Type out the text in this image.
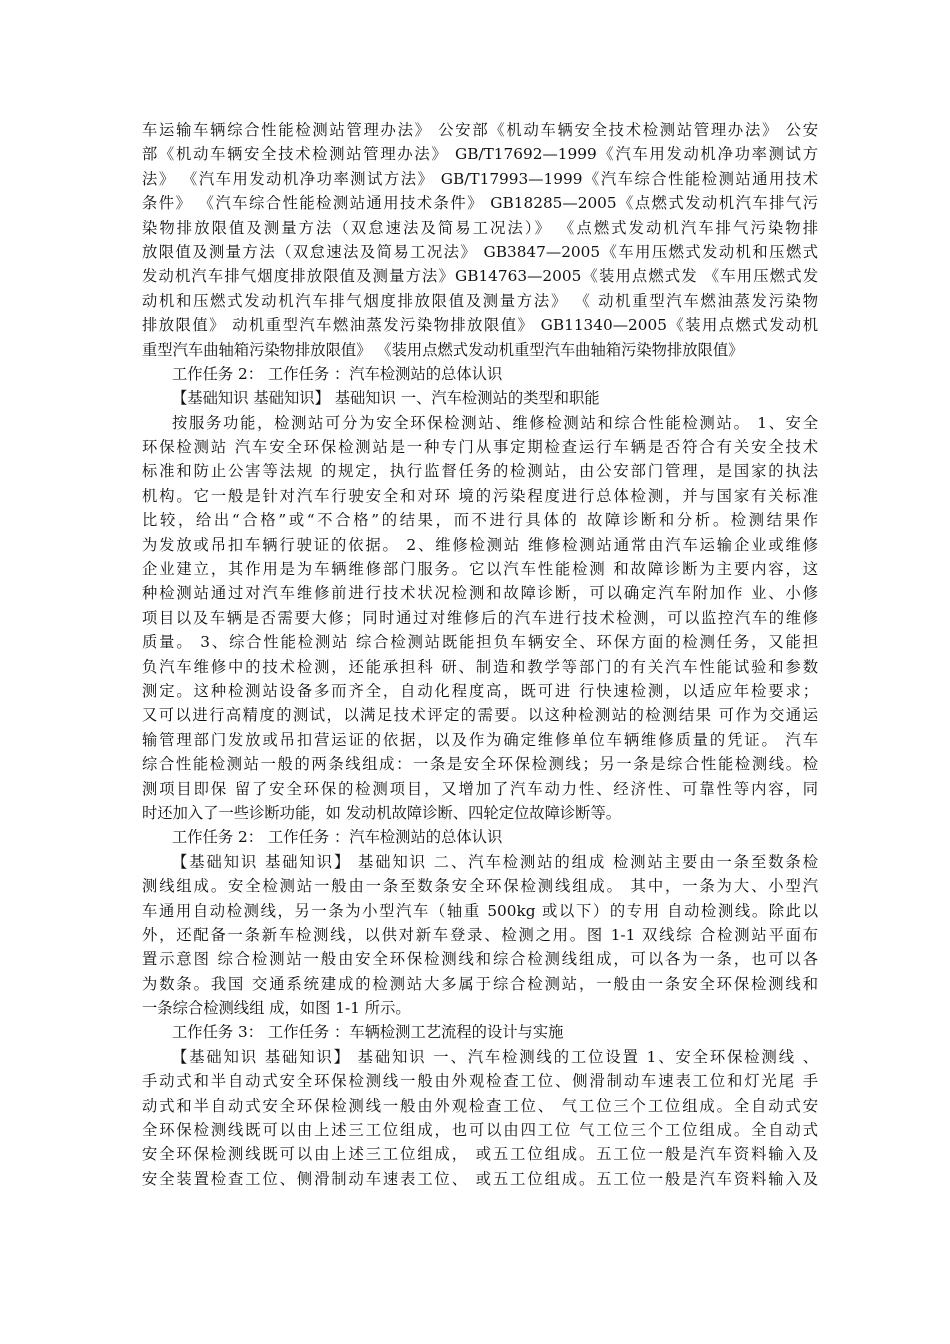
车运输车辆综合性能检测站管理办法》 公安部《机动车辆安全技术检测站管理办法》 公安
部《机动车辆安全技术检测站管理办法》 GB/T17692—1999《汽车用发动机净功率测试方
法》 《汽车用发动机净功率测试方法》 GB/T17993—1999《汽车综合性能检测站通用技术
条件》 《汽车综合性能检测站通用技术条件》 GB18285—2005《点燃式发动机汽车排气污
染物排放限值及测量方法（双怠速法及简易工况法）》 《点燃式发动机汽车排气污染物排
放限值及测量方法（双怠速法及简易工况法》 GB3847—2005《车用压燃式发动机和压燃式
发动机汽车排气烟度排放限值及测量方法》GB14763—2005《装用点燃式发 《车用压燃式发
动机和压燃式发动机汽车排气烟度排放限值及测量方法》 《 动机重型汽车燃油蒸发污染物
排放限值》 动机重型汽车燃油蒸发污染物排放限值》 GB11340—2005《装用点燃式发动机
重型汽车曲轴箱污染物排放限值》 《装用点燃式发动机重型汽车曲轴箱污染物排放限值》
工作任务 2： 工作任务 ：汽车检测站的总体认识
【基础知识 基础知识】 基础知识 一、汽车检测站的类型和职能
按服务功能，检测站可分为安全环保检测站、维修检测站和综合性能检测站。 1、安全
环保检测站 汽车安全环保检测站是一种专门从事定期检查运行车辆是否符合有关安全技术
标准和防止公害等法规 的规定，执行监督任务的检测站，由公安部门管理，是国家的执法
机构。它一般是针对汽车行驶安全和对环 境的污染程度进行总体检测，并与国家有关标准
比较，给出“合格”或“不合格”的结果，而不进行具体的 故障诊断和分析。检测结果作
为发放或吊扣车辆行驶证的依据。 2、维修检测站 维修检测站通常由汽车运输企业或维修
企业建立，其作用是为车辆维修部门服务。它以汽车性能检测 和故障诊断为主要内容，这
种检测站通过对汽车维修前进行技术状况检测和故障诊断，可以确定汽车附加作 业、小修
项目以及车辆是否需要大修；同时通过对维修后的汽车进行技术检测，可以监控汽车的维修
质量。 3、综合性能检测站 综合检测站既能担负车辆安全、环保方面的检测任务，又能担
负汽车维修中的技术检测，还能承担科 研、制造和教学等部门的有关汽车性能试验和参数
测定。这种检测站设备多而齐全，自动化程度高，既可进 行快速检测，以适应年检要求；
又可以进行高精度的测试，以满足技术评定的需要。以这种检测站的检测结果 可作为交通运
输管理部门发放或吊扣营运证的依据，以及作为确定维修单位车辆维修质量的凭证。 汽车
综合性能检测站一般的两条线组成：一条是安全环保检测线；另一条是综合性能检测线。检
测项目即保 留了安全环保的检测项目，又增加了汽车动力性、经济性、可靠性等内容，同
时还加入了一些诊断功能，如 发动机故障诊断、四轮定位故障诊断等。
工作任务 2： 工作任务 ：汽车检测站的总体认识
【基础知识 基础知识】 基础知识 二、汽车检测站的组成 检测站主要由一条至数条检
测线组成。安全检测站一般由一条至数条安全环保检测线组成。 其中，一条为大、小型汽
车通用自动检测线，另一条为小型汽车（轴重 500kg 或以下）的专用 自动检测线。除此以
外，还配备一条新车检测线，以供对新车登录、检测之用。图 1-1 双线综 合检测站平面布
置示意图 综合检测站一般由安全环保检测线和综合检测线组成，可以各为一条，也可以各
为数条。我国 交通系统建成的检测站大多属于综合检测站，一般由一条安全环保检测线和
一条综合检测线组 成，如图 1-1 所示。
工作任务 3： 工作任务 ：车辆检测工艺流程的设计与实施
【基础知识 基础知识】 基础知识 一、汽车检测线的工位设置 1、安全环保检测线 、
手动式和半自动式安全环保检测线一般由外观检查工位、侧滑制动车速表工位和灯光尾 手
动式和半自动式安全环保检测线一般由外观检查工位、 气工位三个工位组成。全自动式安
全环保检测线既可以由上述三工位组成，也可以由四工位 气工位三个工位组成。全自动式
安全环保检测线既可以由上述三工位组成， 或五工位组成。五工位一般是汽车资料输入及
安全装置检查工位、侧滑制动车速表工位、 或五工位组成。五工位一般是汽车资料输入及
